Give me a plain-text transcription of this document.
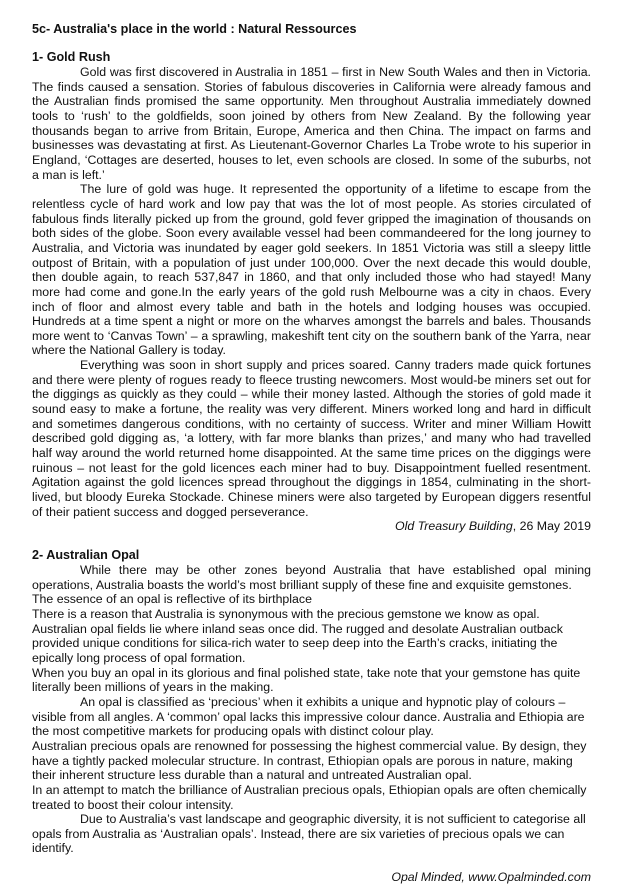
5c- Australia's place in the world : Natural Ressources
1- Gold Rush

Gold was first discovered in Australia in 1851 – first in New South Wales and then in Victoria. The finds caused a sensation. Stories of fabulous discoveries in California were already famous and the Australian finds promised the same opportunity. Men throughout Australia immediately downed tools to ‘rush’ to the goldfields, soon joined by others from New Zealand. By the following year thousands began to arrive from Britain, Europe, America and then China. The impact on farms and businesses was devastating at first. As Lieutenant-Governor Charles La Trobe wrote to his superior in England, ‘Cottages are deserted, houses to let, even schools are closed. In some of the suburbs, not a man is left.’

The lure of gold was huge. It represented the opportunity of a lifetime to escape from the relentless cycle of hard work and low pay that was the lot of most people. As stories circulated of fabulous finds literally picked up from the ground, gold fever gripped the imagination of thousands on both sides of the globe. Soon every available vessel had been commandeered for the long journey to Australia, and Victoria was inundated by eager gold seekers. In 1851 Victoria was still a sleepy little outpost of Britain, with a population of just under 100,000. Over the next decade this would double, then double again, to reach 537,847 in 1860, and that only included those who had stayed! Many more had come and gone.In the early years of the gold rush Melbourne was a city in chaos. Every inch of floor and almost every table and bath in the hotels and lodging houses was occupied. Hundreds at a time spent a night or more on the wharves amongst the barrels and bales. Thousands more went to ‘Canvas Town’ – a sprawling, makeshift tent city on the southern bank of the Yarra, near where the National Gallery is today.

Everything was soon in short supply and prices soared. Canny traders made quick fortunes and there were plenty of rogues ready to fleece trusting newcomers. Most would-be miners set out for the diggings as quickly as they could – while their money lasted. Although the stories of gold made it sound easy to make a fortune, the reality was very different. Miners worked long and hard in difficult and sometimes dangerous conditions, with no certainty of success. Writer and miner William Howitt described gold digging as, ‘a lottery, with far more blanks than prizes,’ and many who had travelled half way around the world returned home disappointed. At the same time prices on the diggings were ruinous – not least for the gold licences each miner had to buy. Disappointment fuelled resentment. Agitation against the gold licences spread throughout the diggings in 1854, culminating in the short-lived, but bloody Eureka Stockade. Chinese miners were also targeted by European diggers resentful of their patient success and dogged perseverance.

Old Treasury Building, 26 May 2019

2- Australian Opal

While there may be other zones beyond Australia that have established opal mining operations, Australia boasts the world’s most brilliant supply of these fine and exquisite gemstones.

The essence of an opal is reflective of its birthplace

There is a reason that Australia is synonymous with the precious gemstone we know as opal.

Australian opal fields lie where inland seas once did. The rugged and desolate Australian outback provided unique conditions for silica-rich water to seep deep into the Earth’s cracks, initiating the epically long process of opal formation.

When you buy an opal in its glorious and final polished state, take note that your gemstone has quite literally been millions of years in the making.

An opal is classified as ‘precious’ when it exhibits a unique and hypnotic play of colours – visible from all angles. A ‘common’ opal lacks this impressive colour dance. Australia and Ethiopia are the most competitive markets for producing opals with distinct colour play.

Australian precious opals are renowned for possessing the highest commercial value. By design, they have a tightly packed molecular structure. In contrast, Ethiopian opals are porous in nature, making their inherent structure less durable than a natural and untreated Australian opal.

In an attempt to match the brilliance of Australian precious opals, Ethiopian opals are often chemically treated to boost their colour intensity.

Due to Australia’s vast landscape and geographic diversity, it is not sufficient to categorise all opals from Australia as ‘Australian opals’. Instead, there are six varieties of precious opals we can identify.

Opal Minded, www.Opalminded.com
